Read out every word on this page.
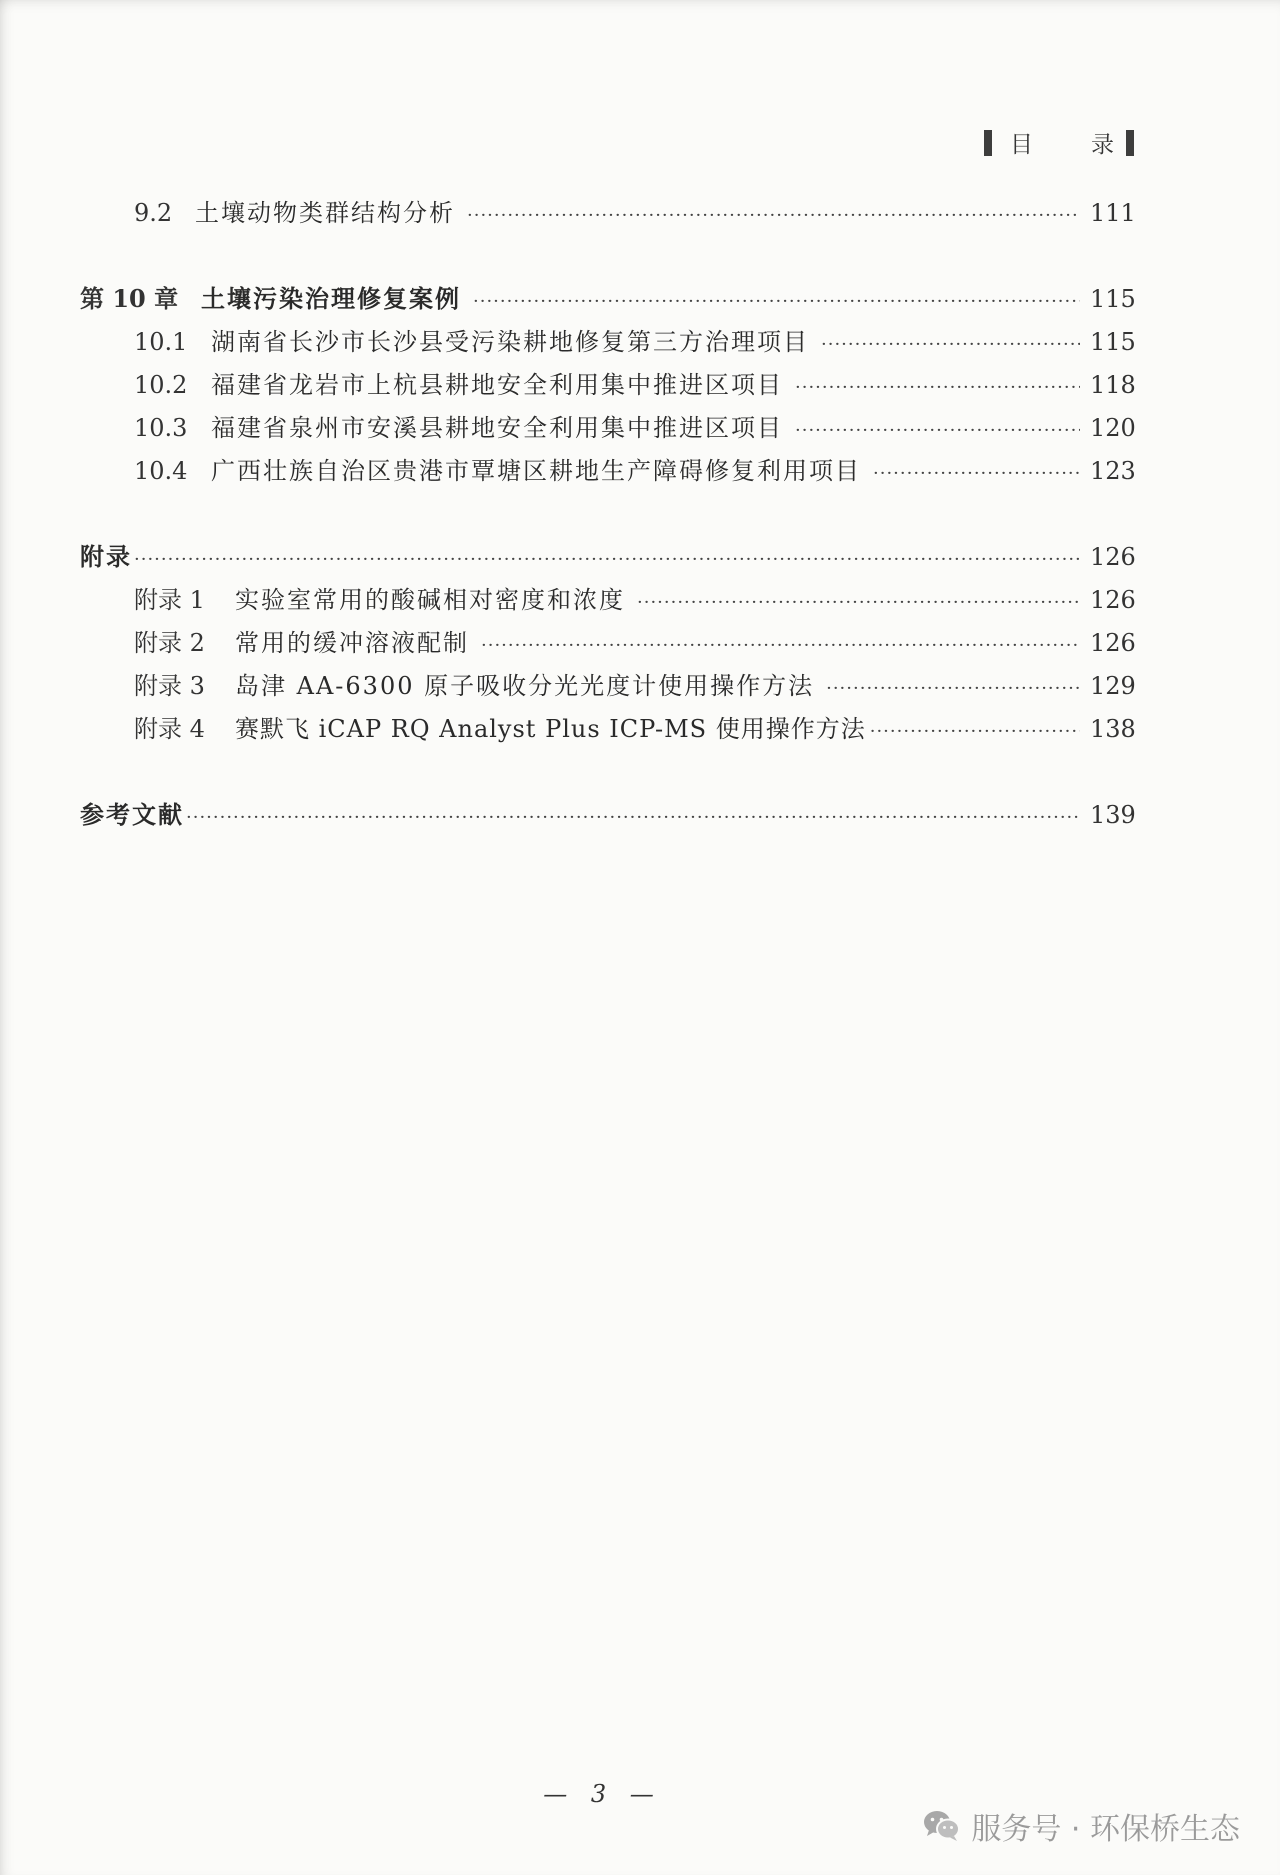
目 录
9.2 土壤动物类群结构分析 ·····	111
第 10 章 土壤污染治理修复案例 ·····	115
10.1 湖南省长沙市长沙县受污染耕地修复第三方治理项目 ·····	115
10.2 福建省龙岩市上杭县耕地安全利用集中推进区项目 ·····	118
10.3 福建省泉州市安溪县耕地安全利用集中推进区项目 ·····	120
10.4 广西壮族自治区贵港市覃塘区耕地生产障碍修复利用项目 ·····	123
附录 ·····	126
附录 1	实验室常用的酸碱相对密度和浓度 ·····	126
附录 2	常用的缓冲溶液配制 ·····	126
附录 3	岛津 AA-6300 原子吸收分光光度计使用操作方法 ·····	129
附录 4	赛默飞 iCAP RQ Analyst Plus ICP-MS 使用操作方法 ·····	138
参考文献 ·····	139
— 3 —
服务号 · 环保桥生态
